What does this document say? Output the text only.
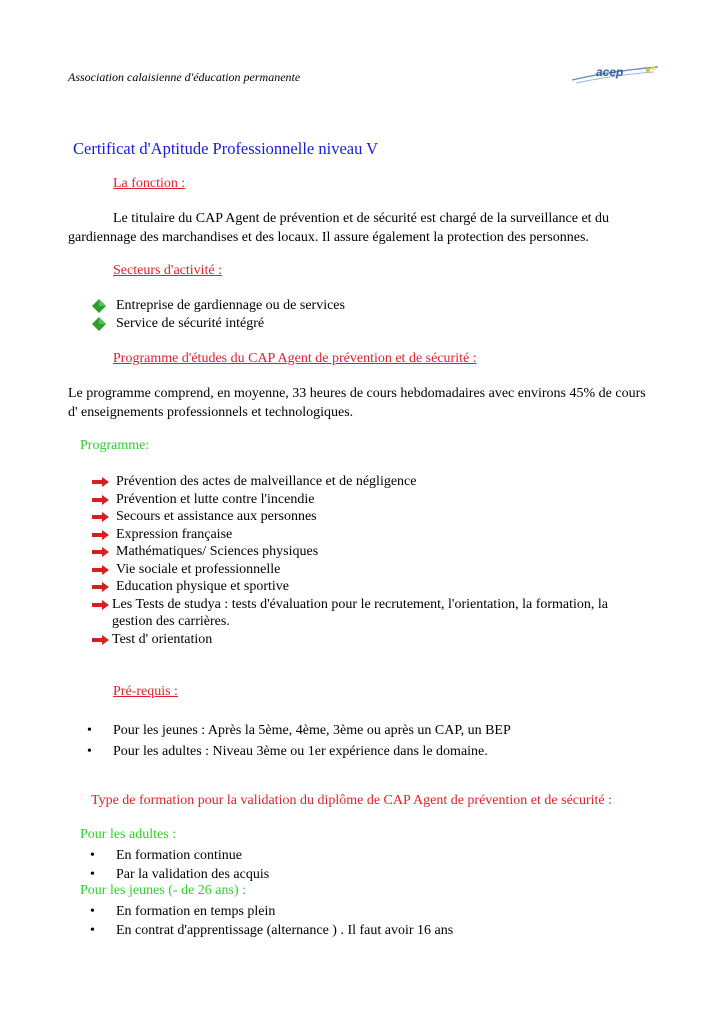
Association calaisienne d'éducation permanente	acep
Certificat d'Aptitude Professionnelle niveau V
La fonction :
Le titulaire du CAP Agent de prévention et de sécurité est chargé de la surveillance et du gardiennage des marchandises et des locaux. Il assure également la protection des personnes.
Secteurs d'activité :
Entreprise de gardiennage ou de services
Service de sécurité intégré
Programme d'études du CAP Agent de prévention et de sécurité :
Le programme comprend, en moyenne, 33 heures de cours hebdomadaires avec environs 45% de cours d' enseignements professionnels et technologiques.
Programme:
Prévention des actes de malveillance et de négligence
Prévention et lutte contre l'incendie
Secours et assistance aux personnes
Expression française
Mathématiques/ Sciences physiques
Vie sociale et professionnelle
Education physique et sportive
Les Tests de studya : tests d'évaluation pour le recrutement, l'orientation, la formation, la gestion des carrières.
Test d' orientation
Pré-requis :
• Pour les jeunes : Après la 5ème, 4ème, 3ème ou après un CAP, un BEP
• Pour les adultes : Niveau 3ème ou 1er expérience dans le domaine.
Type de formation pour la validation du diplôme de CAP Agent de prévention et de sécurité :
Pour les adultes :
• En formation continue
• Par la validation des acquis
Pour les jeunes (- de 26 ans) :
• En formation en temps plein
• En contrat d'apprentissage (alternance ) . Il faut avoir 16 ans
